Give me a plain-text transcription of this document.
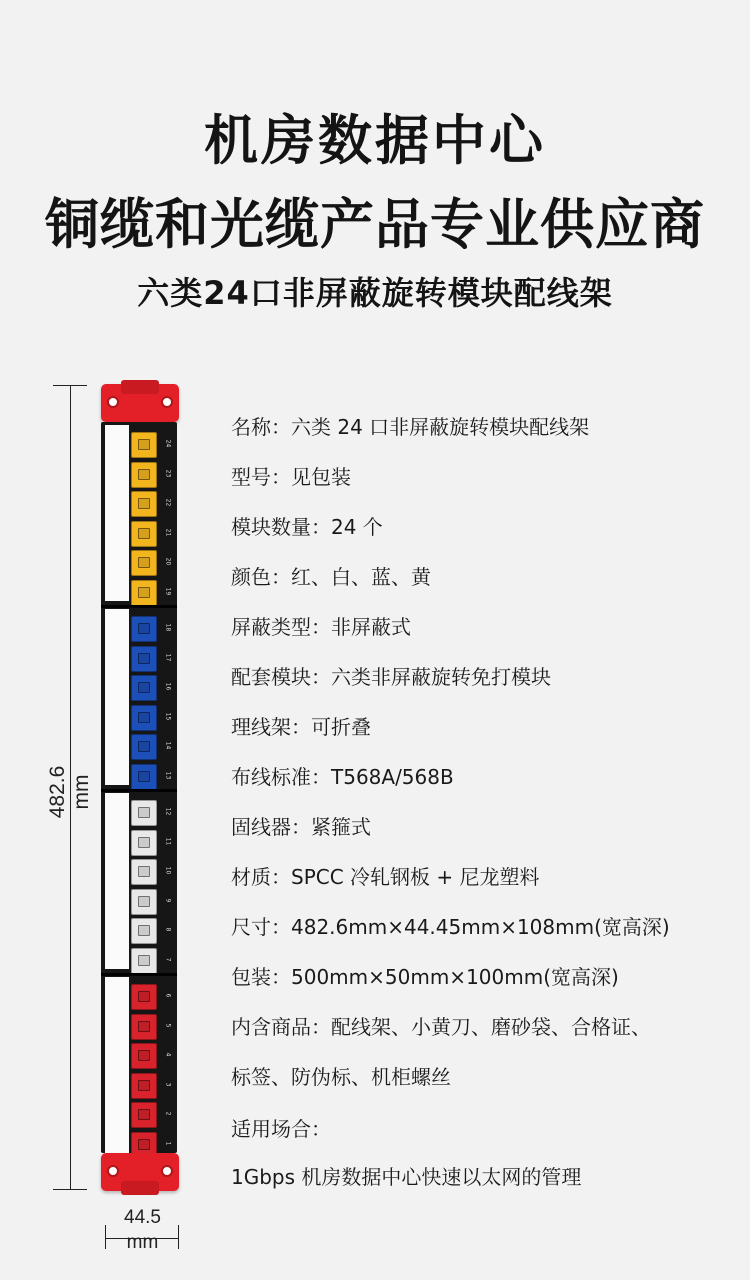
机房数据中心
铜缆和光缆产品专业供应商
六类24口非屏蔽旋转模块配线架
482.6 mm
44.5
mm
24
23
22
21
20
19
18
17
16
15
14
13
12
11
10
9
8
7
6
5
4
3
2
1
名称：六类 24 口非屏蔽旋转模块配线架
型号：见包装
模块数量：24 个
颜色：红、白、蓝、黄
屏蔽类型：非屏蔽式
配套模块：六类非屏蔽旋转免打模块
理线架：可折叠
布线标准：T568A/568B
固线器：紧箍式
材质：SPCC 冷轧钢板 + 尼龙塑料
尺寸：482.6mm×44.45mm×108mm(宽高深)
包装：500mm×50mm×100mm(宽高深)
内含商品：配线架、小黄刀、磨砂袋、合格证、
标签、防伪标、机柜螺丝
适用场合：
1Gbps 机房数据中心快速以太网的管理
